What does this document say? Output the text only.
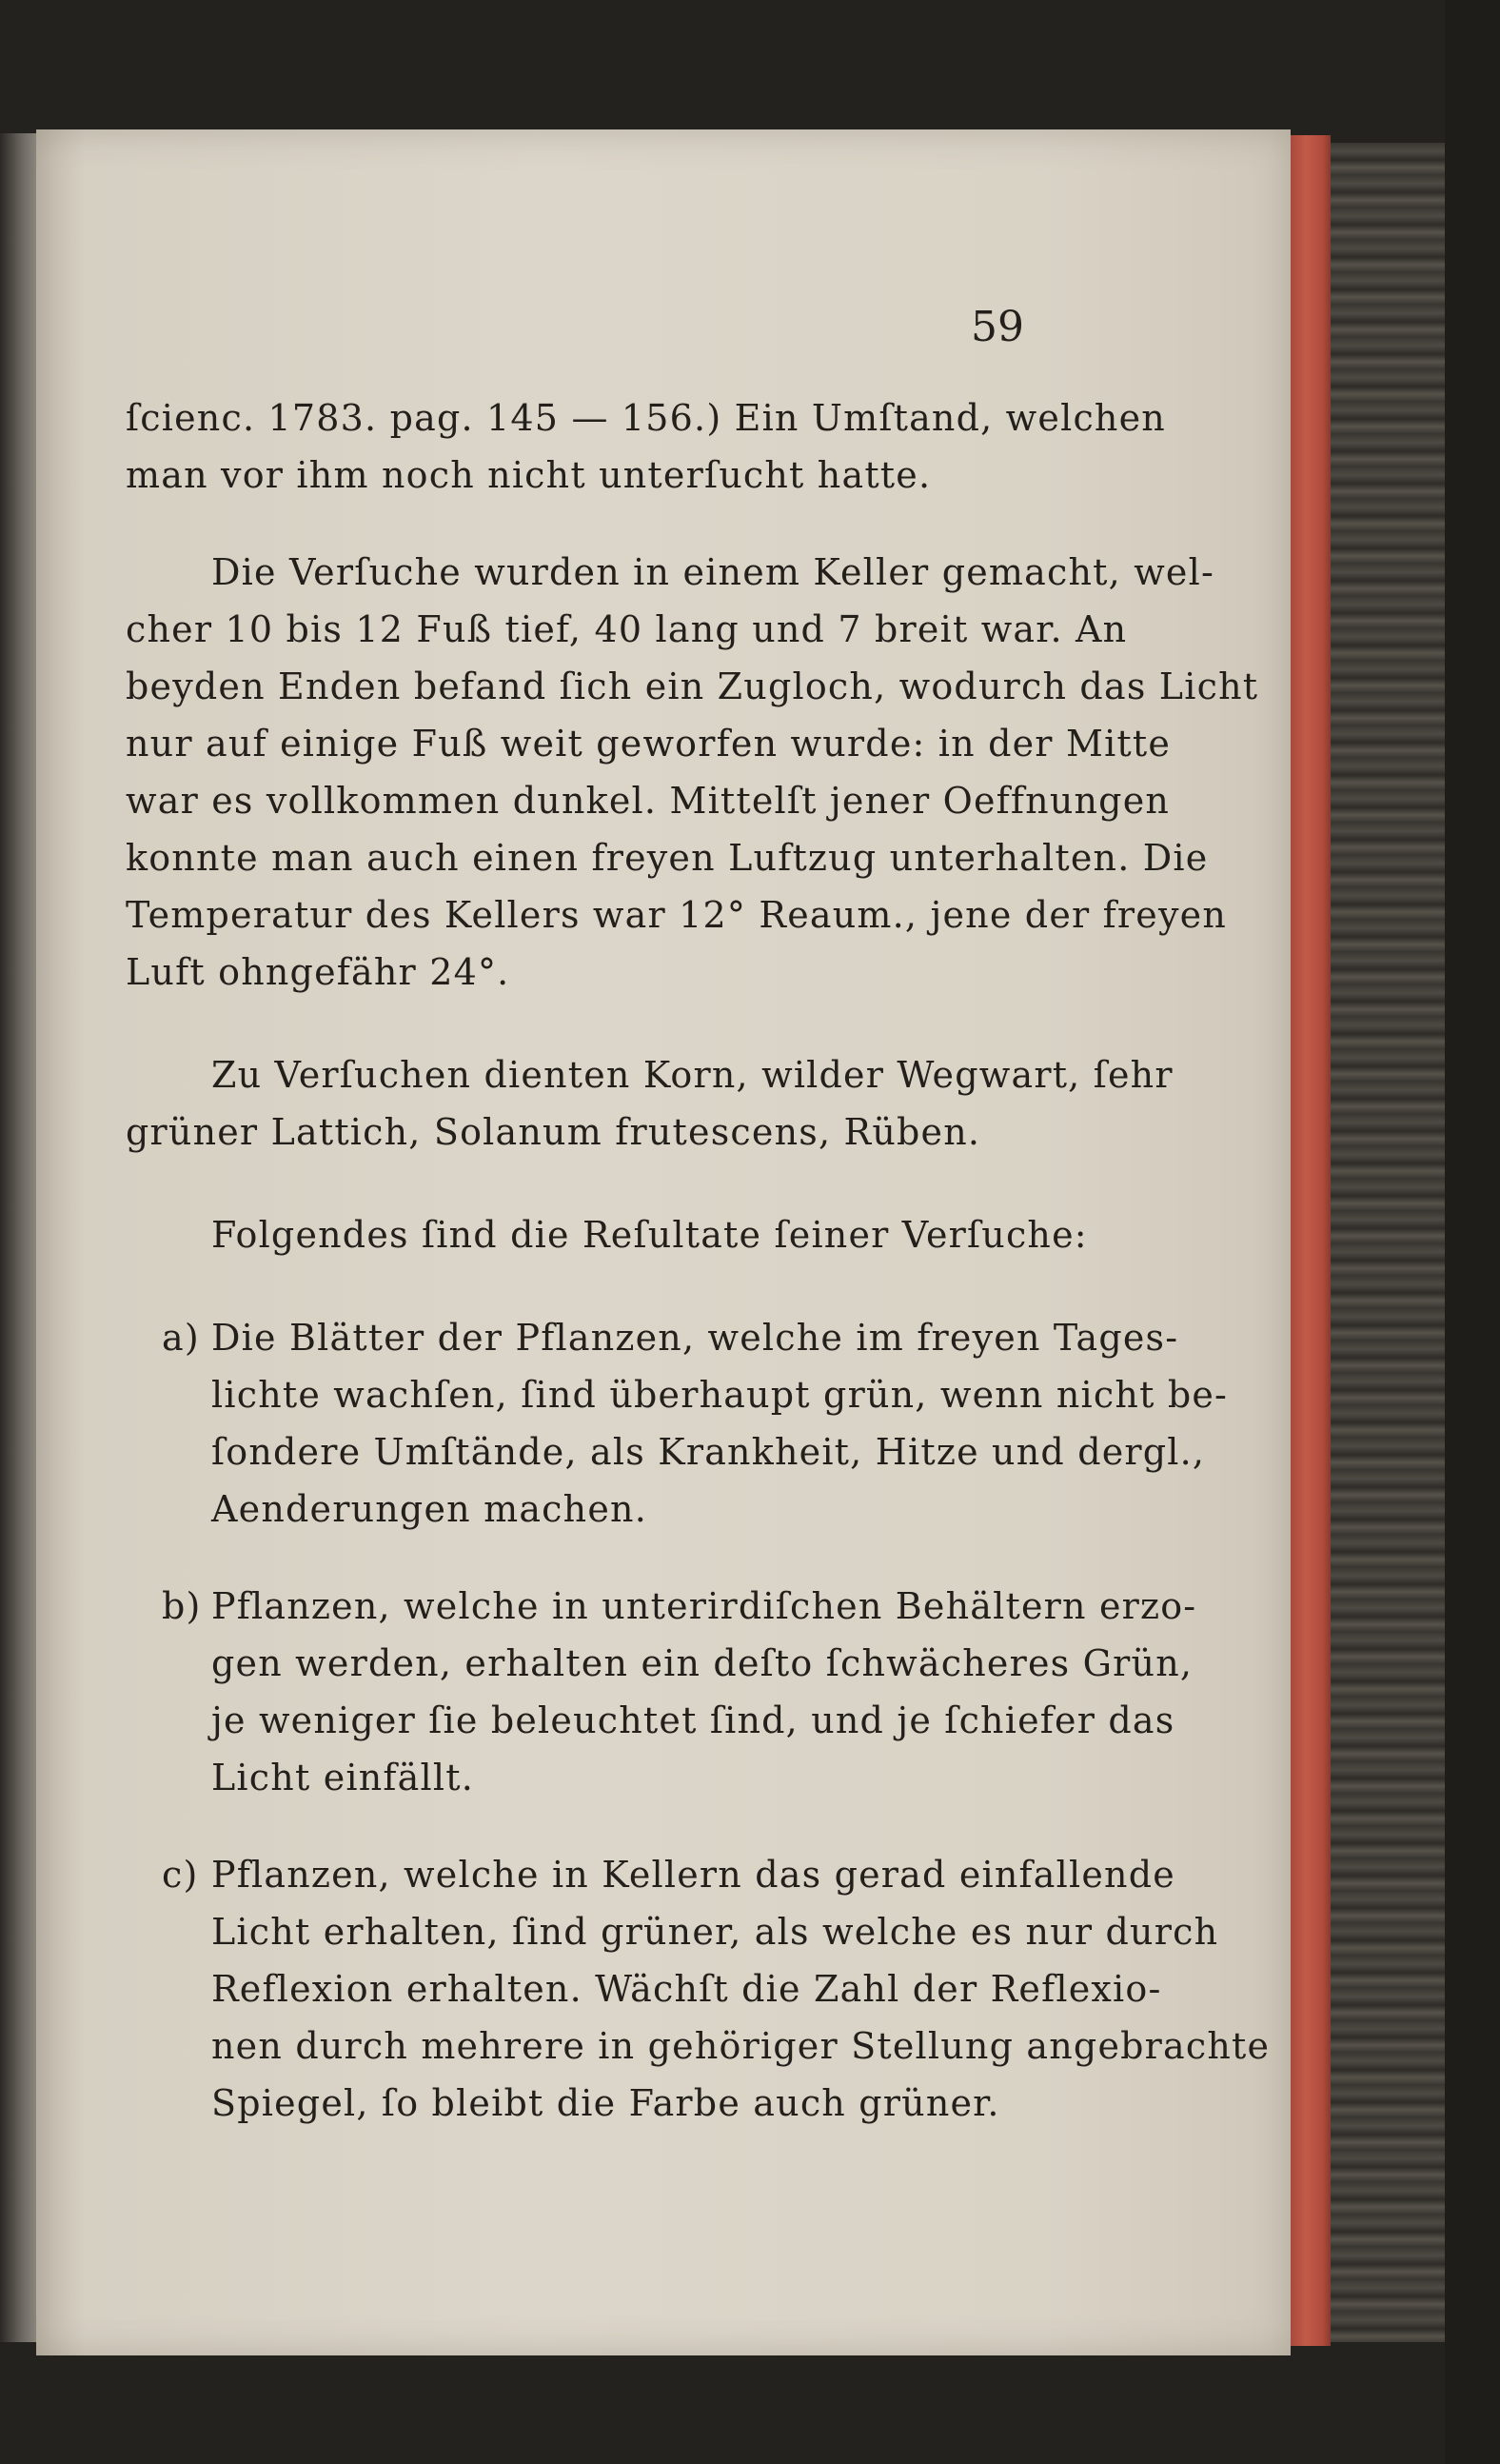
59
ſcienc. 1783. pag. 145 — 156.) Ein Umſtand, welchen
man vor ihm noch nicht unterſucht hatte.
Die Verſuche wurden in einem Keller gemacht, wel-
cher 10 bis 12 Fuß tief, 40 lang und 7 breit war. An
beyden Enden befand ſich ein Zugloch, wodurch das Licht
nur auf einige Fuß weit geworfen wurde: in der Mitte
war es vollkommen dunkel. Mittelſt jener Oeffnungen
konnte man auch einen freyen Luftzug unterhalten. Die
Temperatur des Kellers war 12° Reaum., jene der freyen
Luft ohngefähr 24°.
Zu Verſuchen dienten Korn, wilder Wegwart, ſehr
grüner Lattich, Solanum frutescens, Rüben.
Folgendes ſind die Reſultate ſeiner Verſuche:
a) Die Blätter der Pflanzen, welche im freyen Tages-
lichte wachſen, ſind überhaupt grün, wenn nicht be-
ſondere Umſtände, als Krankheit, Hitze und dergl.,
Aenderungen machen.
b) Pflanzen, welche in unterirdiſchen Behältern erzo-
gen werden, erhalten ein deſto ſchwächeres Grün,
je weniger ſie beleuchtet ſind, und je ſchiefer das
Licht einfällt.
c) Pflanzen, welche in Kellern das gerad einfallende
Licht erhalten, ſind grüner, als welche es nur durch
Reflexion erhalten. Wächſt die Zahl der Reflexio-
nen durch mehrere in gehöriger Stellung angebrachte
Spiegel, ſo bleibt die Farbe auch grüner.
